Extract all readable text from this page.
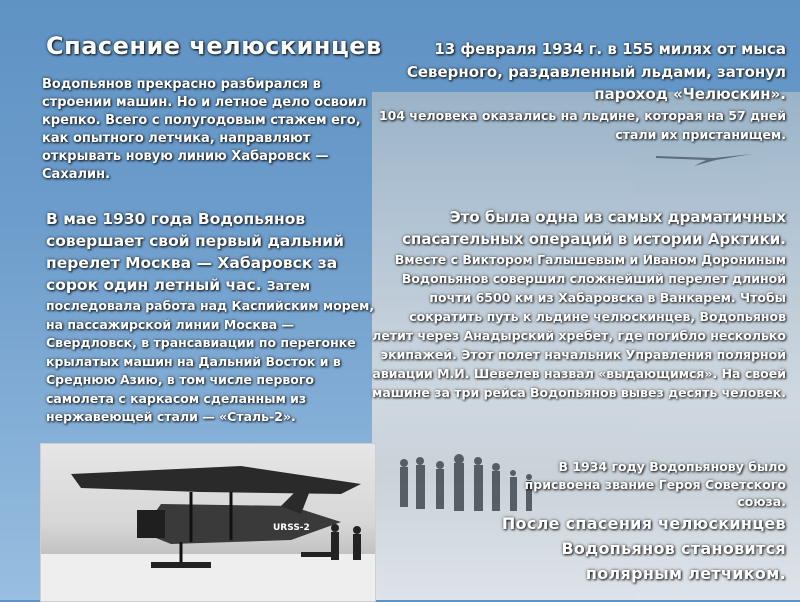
URSS-2
Спасение челюскинцев

Водопьянов прекрасно разбирался в строении машин. Но и летное дело освоил крепко. Всего с полугодовым стажем его, как опытного летчика, направляют открывать новую линию Хабаровск — Сахалин.

В мае 1930 года Водопьянов совершает свой первый дальний перелет Москва — Хабаровск за сорок один летный час. Затем последовала работа над Каспийским морем, на пассажирской линии Москва — Свердловск, в трансавиации по перегонке крылатых машин на Дальний Восток и в Среднюю Азию, в том числе первого самолета с каркасом сделанным из нержавеющей стали — «Сталь-2».

13 февраля 1934 г. в 155 милях от мыса Северного, раздавленный льдами, затонул пароход «Челюскин».
104 человека оказались на льдине, которая на 57 дней стали их пристанищем.

Это была одна из самых драматичных спасательных операций в истории Арктики.
Вместе с Виктором Галышевым и Иваном Дорониным Водопьянов совершил сложнейший перелет длиной почти 6500 км из Хабаровска в Ванкарем. Чтобы сократить путь к льдине челюскинцев, Водопьянов летит через Анадырский хребет, где погибло несколько экипажей. Этот полет начальник Управления полярной авиации М.И. Шевелев назвал «выдающимся». На своей машине за три рейса Водопьянов вывез десять человек.

В 1934 году Водопьянову было присвоена звание Героя Советского союза.
После спасения челюскинцев Водопьянов становится полярным летчиком.
